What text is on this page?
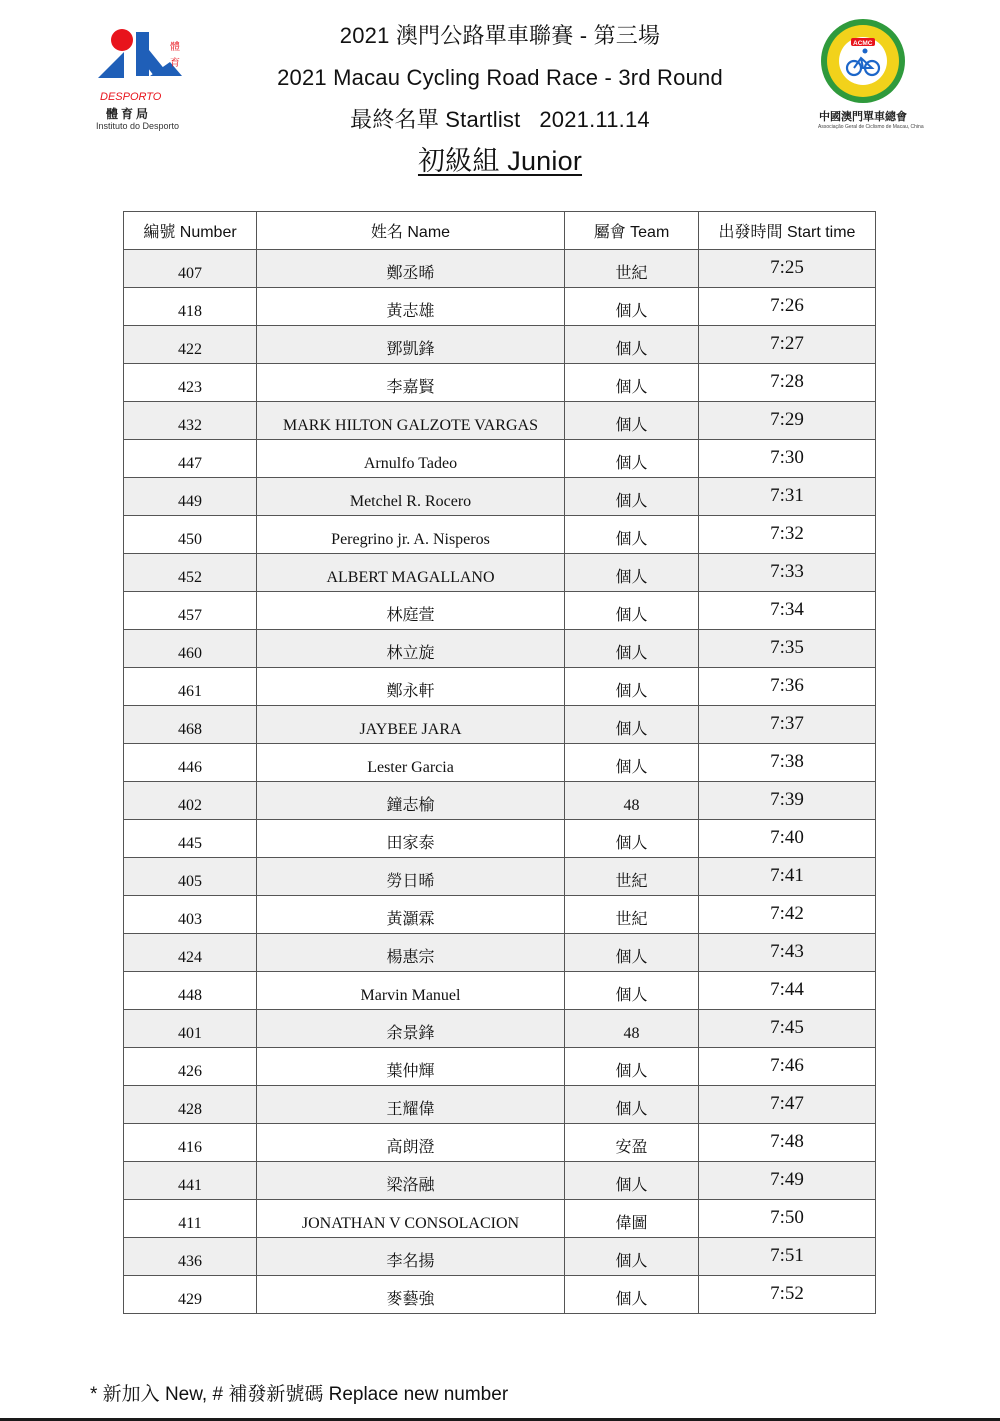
體
育
DESPORTO
體育局
Instituto do Desporto
ACMC
中國澳門單車總會
Associação Geral de Ciclismo de Macau, China
2021 澳門公路單車聯賽 - 第三場
2021 Macau Cycling Road Race - 3rd Round
最終名單 Startlist   2021.11.14
初級組 Junior
編號 Number	姓名 Name	屬會 Team	出發時間 Start time
407	鄭丞晞	世紀	7:25
418	黃志雄	個人	7:26
422	鄧凱鋒	個人	7:27
423	李嘉賢	個人	7:28
432	MARK HILTON GALZOTE VARGAS	個人	7:29
447	Arnulfo Tadeo	個人	7:30
449	Metchel R. Rocero	個人	7:31
450	Peregrino jr. A. Nisperos	個人	7:32
452	ALBERT MAGALLANO	個人	7:33
457	林庭萱	個人	7:34
460	林立旋	個人	7:35
461	鄭永軒	個人	7:36
468	JAYBEE JARA	個人	7:37
446	Lester Garcia	個人	7:38
402	鐘志榆	48	7:39
445	田家泰	個人	7:40
405	勞日晞	世紀	7:41
403	黃灝霖	世紀	7:42
424	楊惠宗	個人	7:43
448	Marvin Manuel	個人	7:44
401	余景鋒	48	7:45
426	葉仲輝	個人	7:46
428	王耀偉	個人	7:47
416	高朗澄	安盈	7:48
441	梁洛融	個人	7:49
411	JONATHAN V CONSOLACION	偉圖	7:50
436	李名揚	個人	7:51
429	麥藝強	個人	7:52
* 新加入 New, # 補發新號碼 Replace new number
